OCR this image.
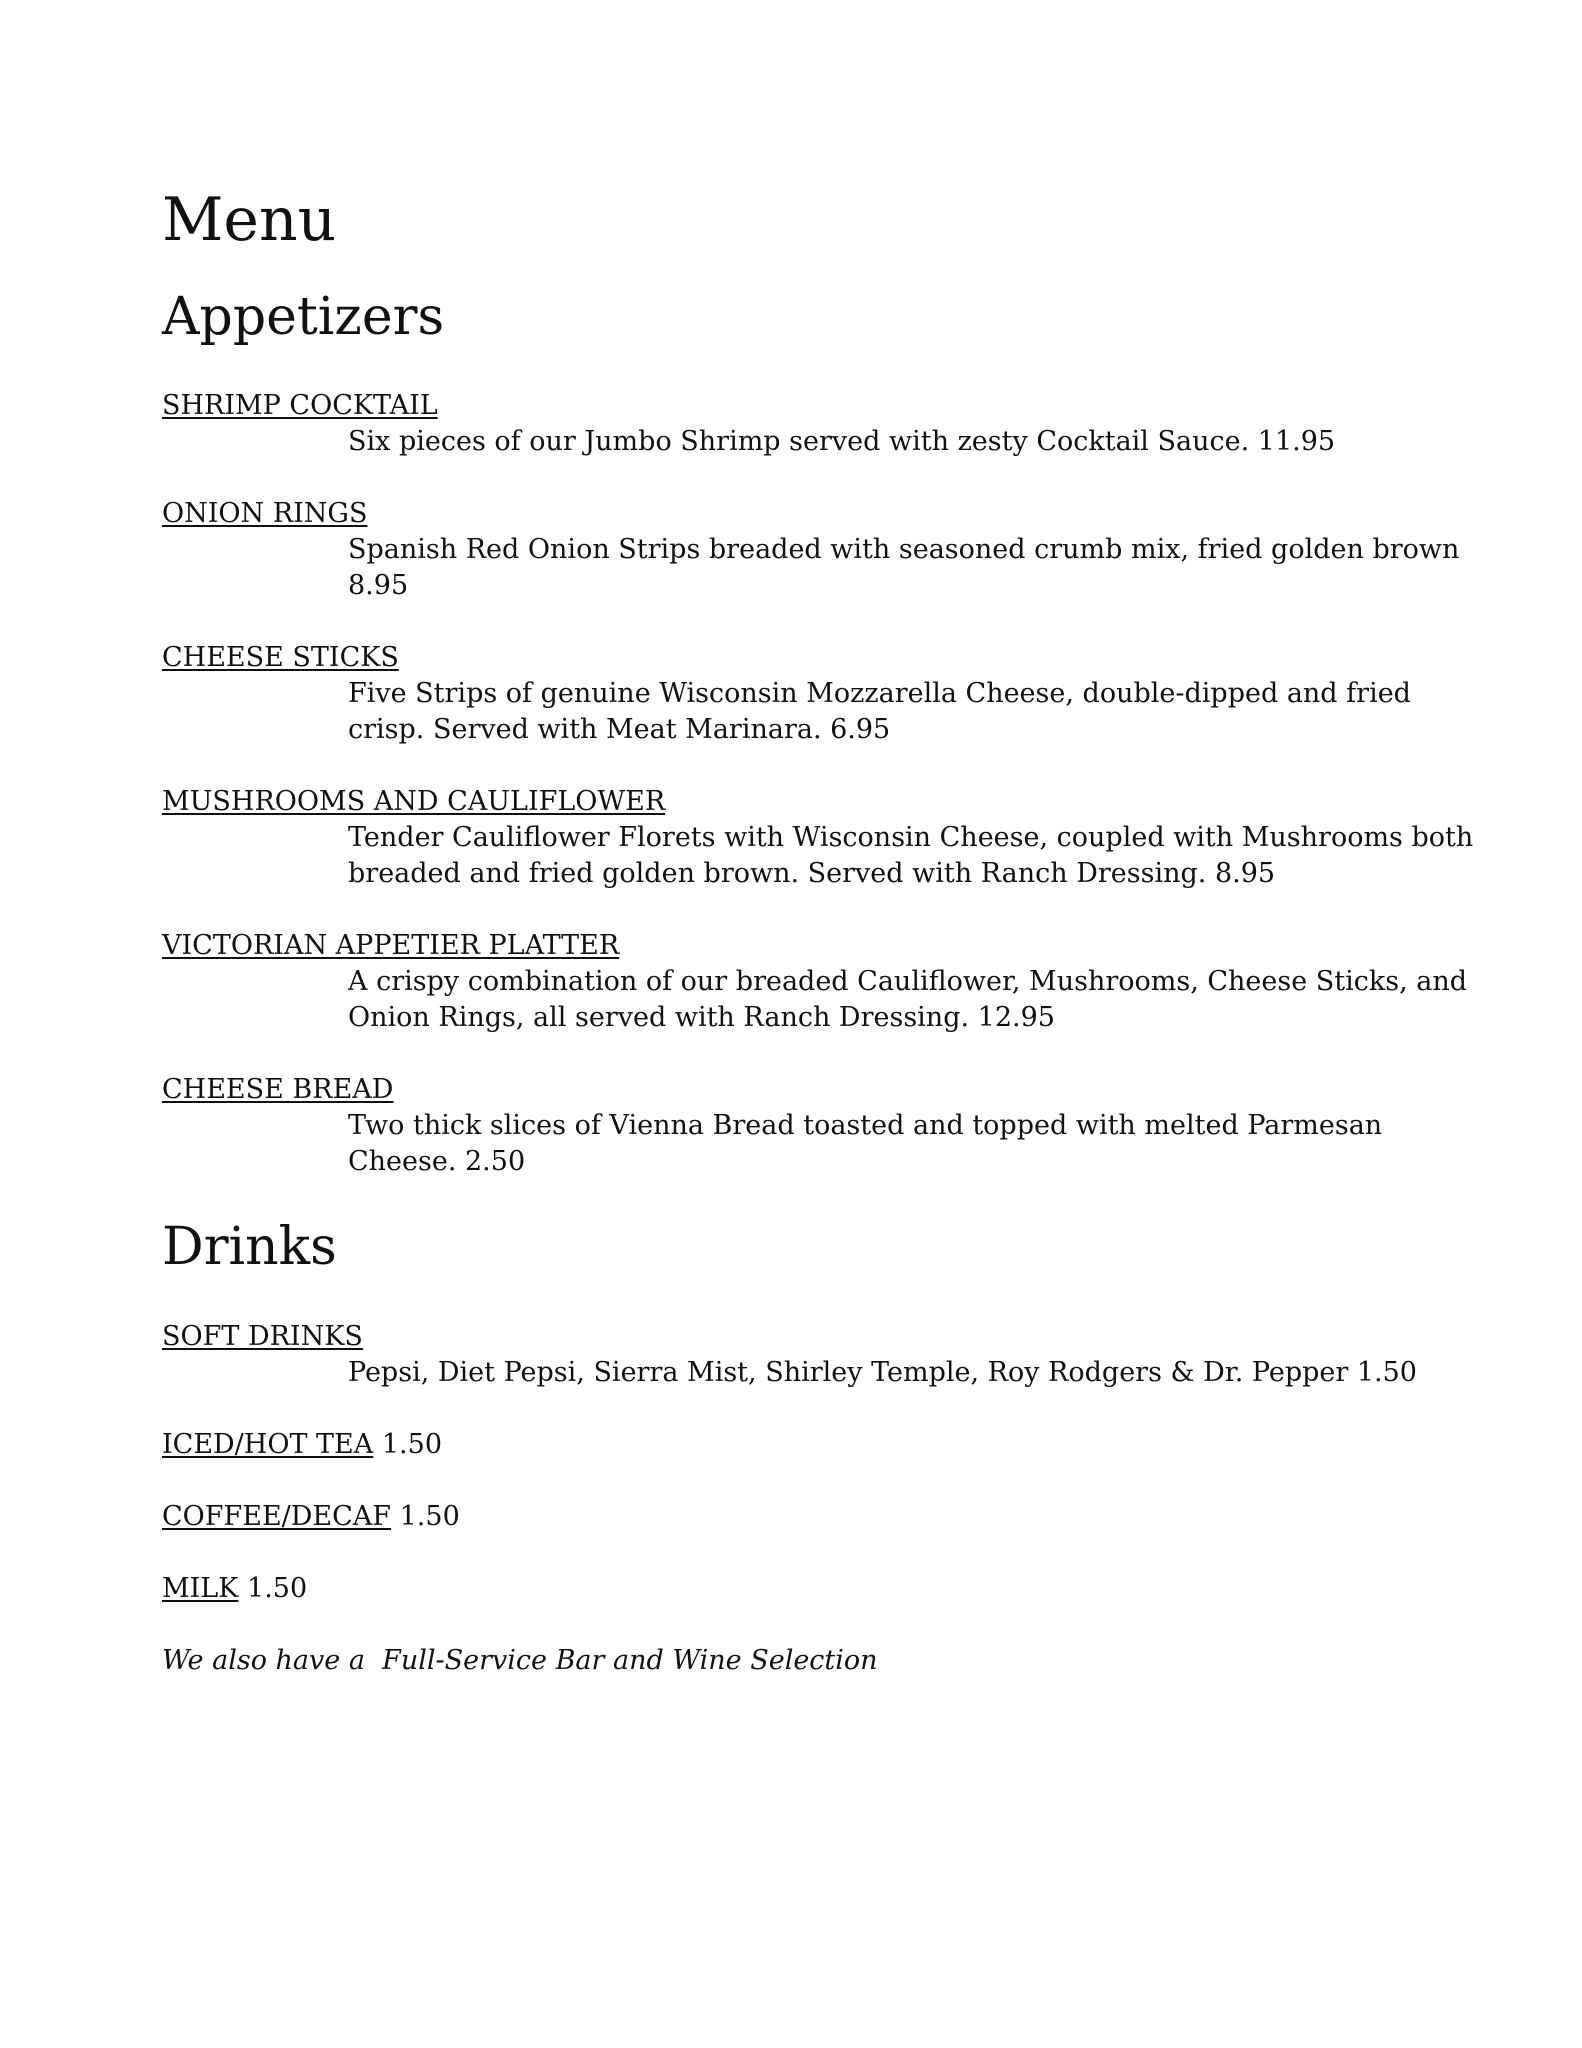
Menu
Appetizers
SHRIMP COCKTAIL
Six pieces of our Jumbo Shrimp served with zesty Cocktail Sauce. 11.95
ONION RINGS
Spanish Red Onion Strips breaded with seasoned crumb mix, fried golden brown 8.95
CHEESE STICKS
Five Strips of genuine Wisconsin Mozzarella Cheese, double-dipped and fried crisp. Served with Meat Marinara. 6.95
MUSHROOMS AND CAULIFLOWER
Tender Cauliflower Florets with Wisconsin Cheese, coupled with Mushrooms both breaded and fried golden brown. Served with Ranch Dressing. 8.95
VICTORIAN APPETIER PLATTER
A crispy combination of our breaded Cauliflower, Mushrooms, Cheese Sticks, and Onion Rings, all served with Ranch Dressing. 12.95
CHEESE BREAD
Two thick slices of Vienna Bread toasted and topped with melted Parmesan Cheese. 2.50
Drinks
SOFT DRINKS
Pepsi, Diet Pepsi, Sierra Mist, Shirley Temple, Roy Rodgers & Dr. Pepper 1.50
ICED/HOT TEA 1.50
COFFEE/DECAF 1.50
MILK 1.50
We also have a  Full-Service Bar and Wine Selection
